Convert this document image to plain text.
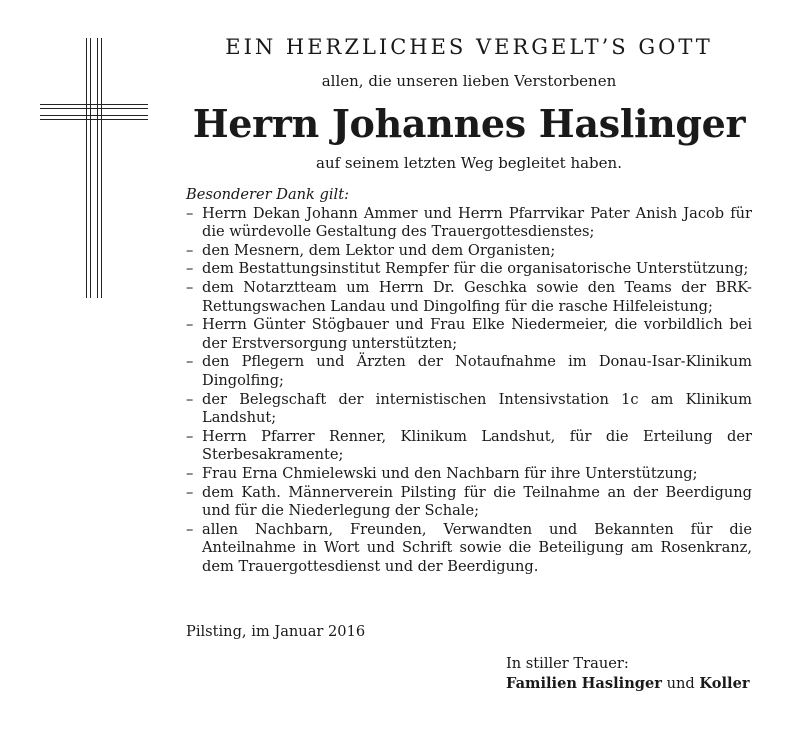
EIN HERZLICHES VERGELT’S GOTT
allen, die unseren lieben Verstorbenen
Herrn Johannes Haslinger
auf seinem letzten Weg begleitet haben.
Besonderer Dank gilt:
– Herrn Dekan Johann Ammer und Herrn Pfarrvikar Pater Anish Jacob für die würdevolle Gestaltung des Trauergottesdienstes;
– den Mesnern, dem Lektor und dem Organisten;
– dem Bestattungsinstitut Rempfer für die organisatorische Unterstützung;
– dem Notarztteam um Herrn Dr. Geschka sowie den Teams der BRK-Rettungswachen Landau und Dingolfing für die rasche Hilfeleistung;
– Herrn Günter Stögbauer und Frau Elke Niedermeier, die vorbildlich bei der Erstversorgung unterstützten;
– den Pflegern und Ärzten der Notaufnahme im Donau-Isar-Klinikum Dingolfing;
– der Belegschaft der internistischen Intensivstation 1c am Klinikum Landshut;
– Herrn Pfarrer Renner, Klinikum Landshut, für die Erteilung der Sterbesakramente;
– Frau Erna Chmielewski und den Nachbarn für ihre Unterstützung;
– dem Kath. Männerverein Pilsting für die Teilnahme an der Beerdigung und für die Niederlegung der Schale;
– allen Nachbarn, Freunden, Verwandten und Bekannten für die Anteilnahme in Wort und Schrift sowie die Beteiligung am Rosenkranz, dem Trauergottesdienst und der Beerdigung.
Pilsting, im Januar 2016
In stiller Trauer:
Familien Haslinger und Koller
